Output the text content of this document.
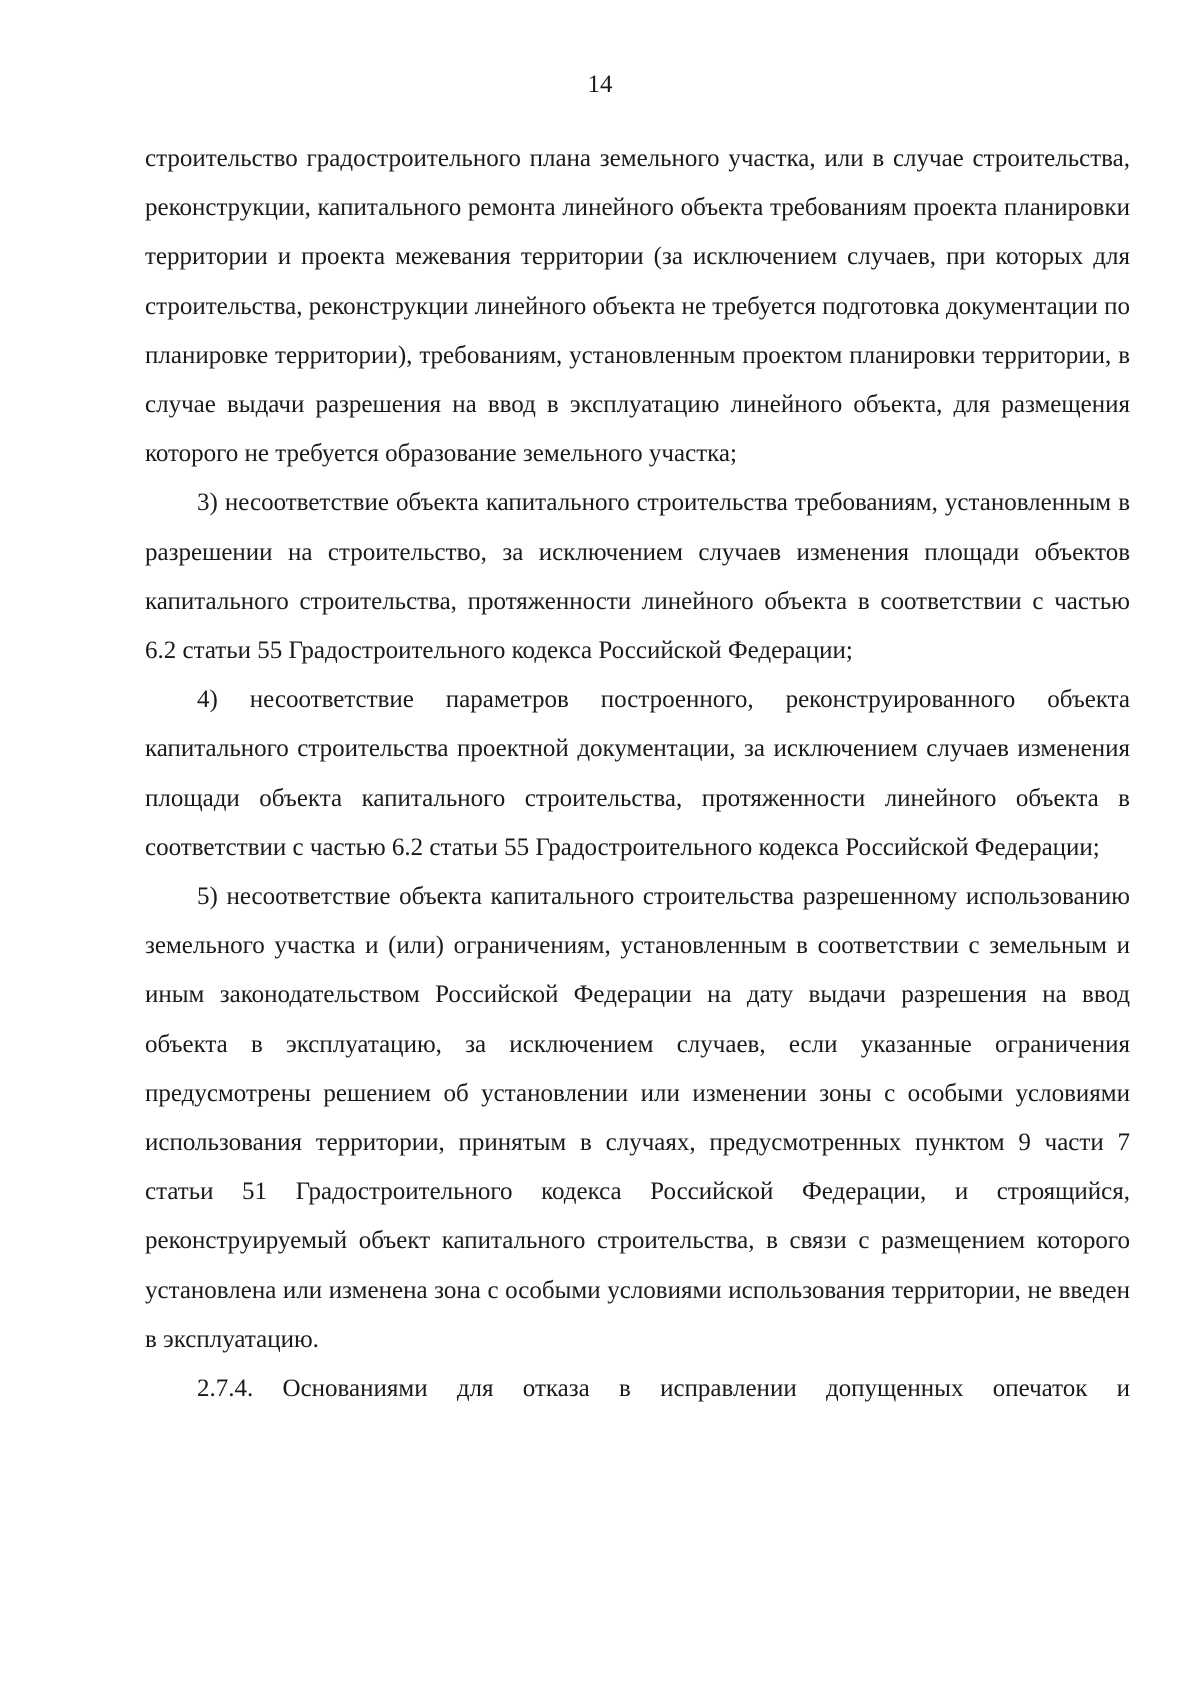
14

строительство градостроительного плана земельного участка, или в случае строительства, реконструкции, капитального ремонта линейного объекта требованиям проекта планировки территории и проекта межевания территории (за исключением случаев, при которых для строительства, реконструкции линейного объекта не требуется подготовка документации по планировке территории), требованиям, установленным проектом планировки территории, в случае выдачи разрешения на ввод в эксплуатацию линейного объекта, для размещения которого не требуется образование земельного участка;

3) несоответствие объекта капитального строительства требованиям, установленным в разрешении на строительство, за исключением случаев изменения площади объектов капитального строительства, протяженности линейного объекта в соответствии с частью 6.2 статьи 55 Градостроительного кодекса Российской Федерации;

4) несоответствие параметров построенного, реконструированного объекта капитального строительства проектной документации, за исключением случаев изменения площади объекта капитального строительства, протяженности линейного объекта в соответствии с частью 6.2 статьи 55 Градостроительного кодекса Российской Федерации;

5) несоответствие объекта капитального строительства разрешенному использованию земельного участка и (или) ограничениям, установленным в соответствии с земельным и иным законодательством Российской Федерации на дату выдачи разрешения на ввод объекта в эксплуатацию, за исключением случаев, если указанные ограничения предусмотрены решением об установлении или изменении зоны с особыми условиями использования территории, принятым в случаях, предусмотренных пунктом 9 части 7 статьи 51 Градостроительного кодекса Российской Федерации, и строящийся, реконструируемый объект капитального строительства, в связи с размещением которого установлена или изменена зона с особыми условиями использования территории, не введен в эксплуатацию.

2.7.4. Основаниями для отказа в исправлении допущенных опечаток и
